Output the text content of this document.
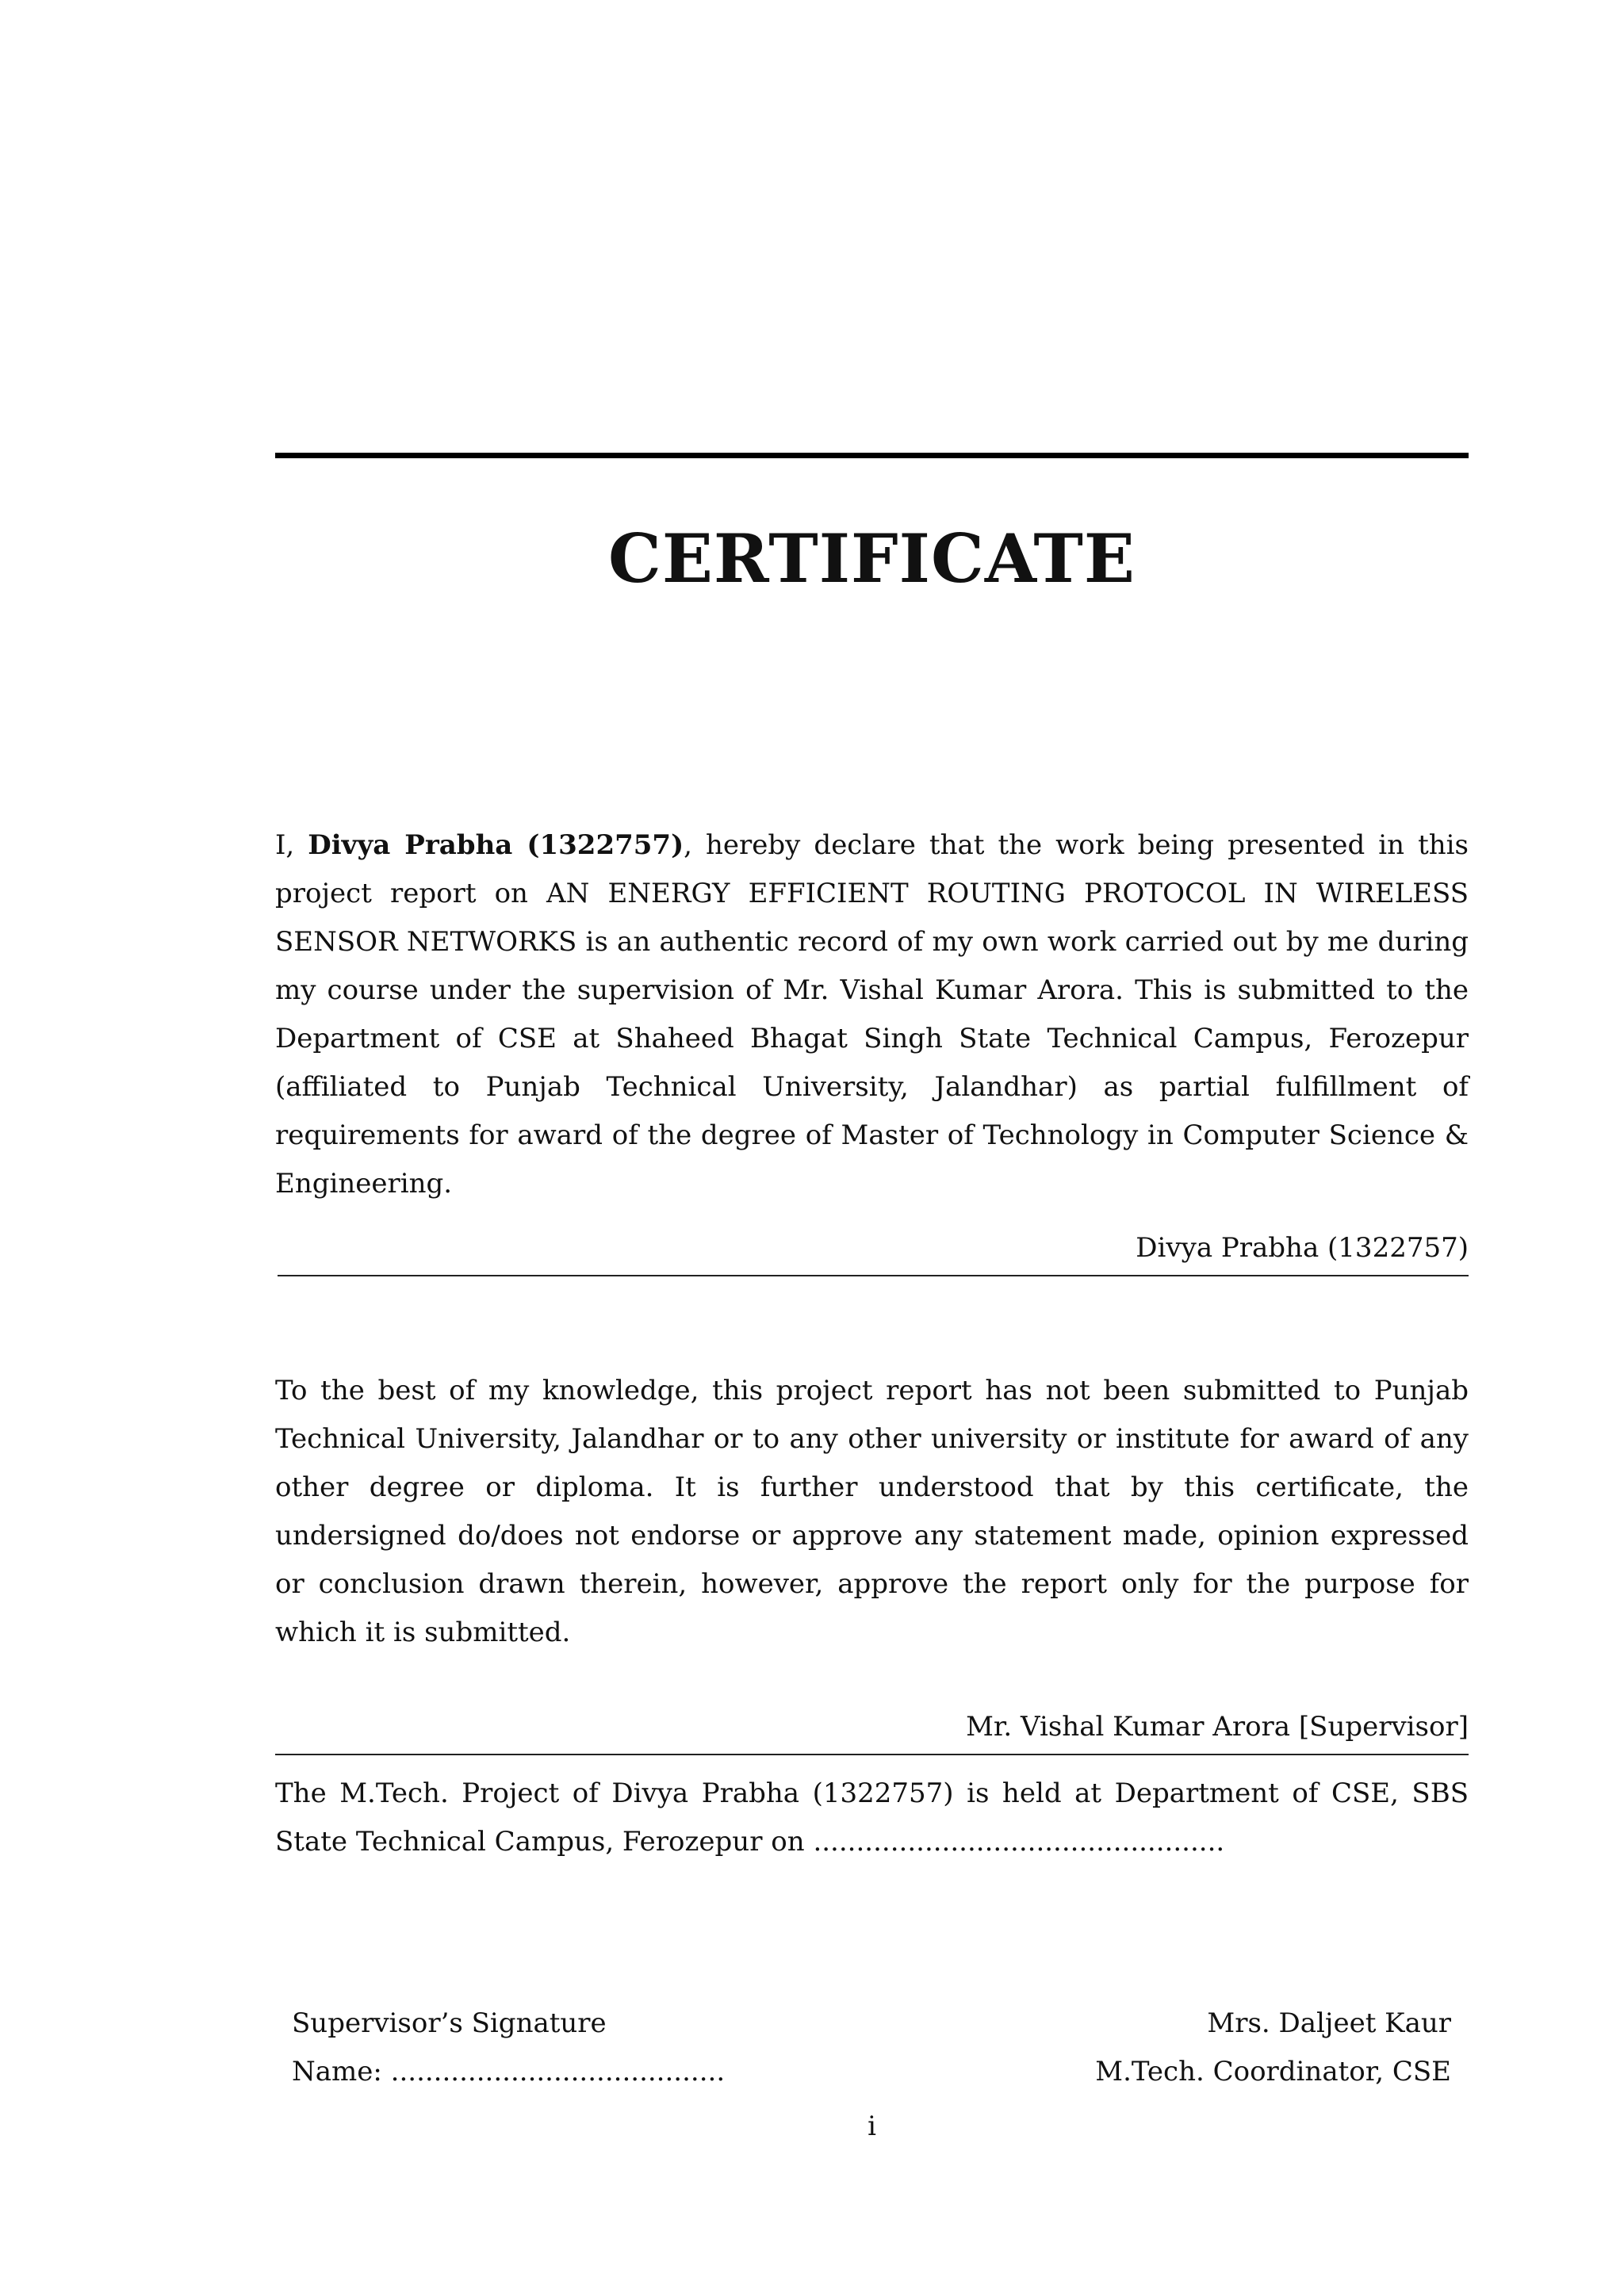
CERTIFICATE

I, Divya Prabha (1322757), hereby declare that the work being presented in this project report on AN ENERGY EFFICIENT ROUTING PROTOCOL IN WIRELESS SENSOR NETWORKS is an authentic record of my own work carried out by me during my course under the supervision of Mr. Vishal Kumar Arora. This is submitted to the Department of CSE at Shaheed Bhagat Singh State Technical Campus, Ferozepur (affiliated to Punjab Technical University, Jalandhar) as partial fulfillment of requirements for award of the degree of Master of Technology in Computer Science & Engineering.

Divya Prabha (1322757)

To the best of my knowledge, this project report has not been submitted to Punjab Technical University, Jalandhar or to any other university or institute for award of any other degree or diploma. It is further understood that by this certificate, the undersigned do/does not endorse or approve any statement made, opinion expressed or conclusion drawn therein, however, approve the report only for the purpose for which it is submitted.

Mr. Vishal Kumar Arora [Supervisor]

The M.Tech. Project of Divya Prabha (1322757) is held at Department of CSE, SBS State Technical Campus, Ferozepur on ................................................

Supervisor’s Signature
Name: .......................................
Mrs. Daljeet Kaur
M.Tech. Coordinator, CSE
i
